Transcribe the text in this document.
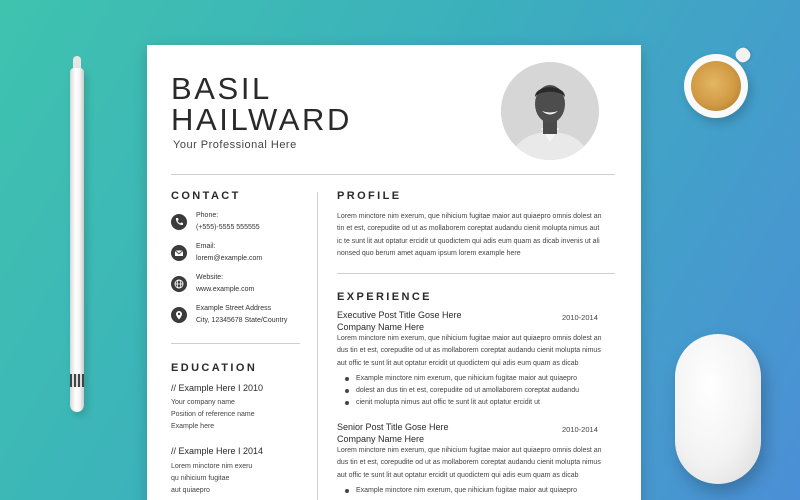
BASIL
HAILWARD
Your Professional Here
CONTACT
Phone:
(+555)-5555 555555
Email:
lorem@example.com
Website:
www.example.com
Example Street Address
City, 12345678 State/Country
EDUCATION
// Example Here I 2010
Your company name
Position of reference name
Example here
// Example Here I 2014
Lorem minctore nim exeru
qu nihicium fugitae
aut quiaepro
PROFILE
Lorem minctore nim exerum, que nihicium fugitae maior aut quiaepro omnis dolest an
tin et est, corepudite od ut as mollaborem coreptat audandu cienit molupta nimus aut
ic te sunt lit aut optatur ercidit ut quodictem qui adis eum quam as dicab invenis ut ali
nonsed quo berum amet aquam ipsum lorem example here
EXPERIENCE
Executive Post Title Gose Here	2010-2014
Company Name Here
Lorem minctore nim exerum, que nihicium fugitae maior aut quiaepro omnis dolest an
dus tin et est, corepudite od ut as mollaborem coreptat audandu cienit molupta nimus
aut offic te sunt lit aut optatur ercidit ut quodictem qui adis eum quam as dicab
Example minctore nim exerum, que nihicium fugitae maior aut quiaepro
dolest an dus tin et est, corepudite od ut amollaborem coreptat audandu
cienit molupta nimus aut offic te sunt lit aut optatur ercidit ut
Senior Post Title Gose Here	2010-2014
Company Name Here
Lorem minctore nim exerum, que nihicium fugitae maior aut quiaepro omnis dolest an
dus tin et est, corepudite od ut as mollaborem coreptat audandu cienit molupta nimus
aut offic te sunt lit aut optatur ercidit ut quodictem qui adis eum quam as dicab
Example minctore nim exerum, que nihicium fugitae maior aut quiaepro
